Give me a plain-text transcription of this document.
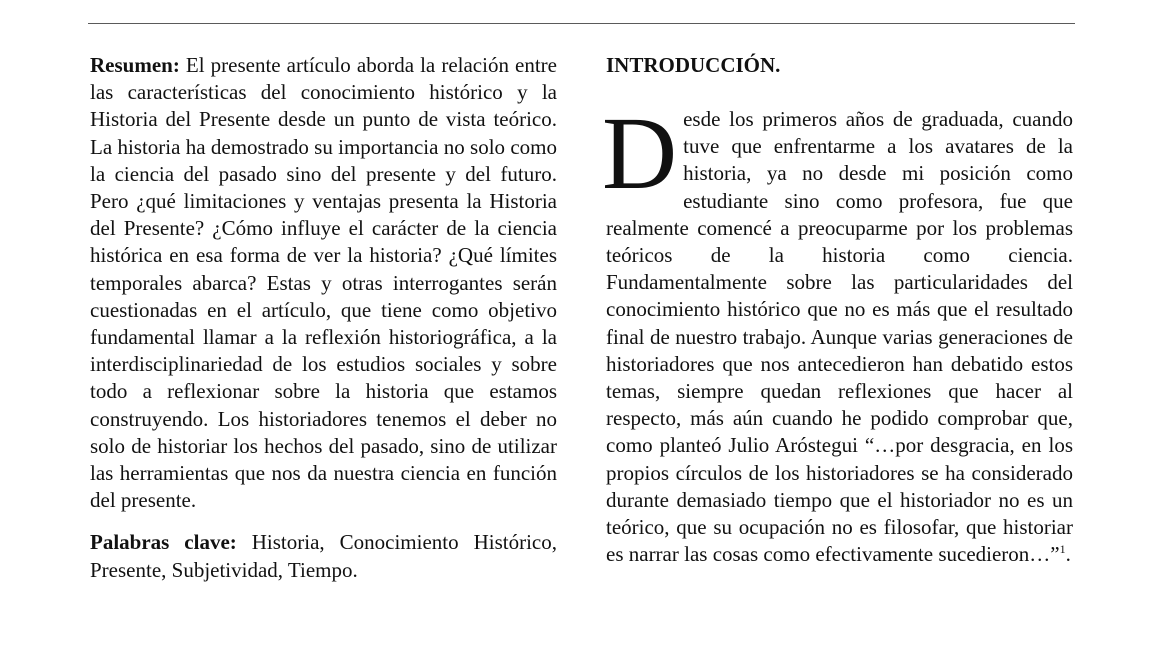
Resumen: El presente artículo aborda la relación entre las características del conocimiento histórico y la Historia del Presente desde un punto de vista teórico. La historia ha demostrado su importancia no solo como la ciencia del pasado sino del presente y del futuro. Pero ¿qué limitaciones y ventajas presenta la Historia del Presente? ¿Cómo influye el carácter de la ciencia histórica en esa forma de ver la historia? ¿Qué límites temporales abarca? Estas y otras interrogantes serán cuestionadas en el artículo, que tiene como objetivo fundamental llamar a la reflexión historiográfica, a la interdisciplinariedad de los estudios sociales y sobre todo a reflexionar sobre la historia que estamos construyendo. Los historiadores tenemos el deber no solo de historiar los hechos del pasado, sino de utilizar las herramientas que nos da nuestra ciencia en función del presente.

Palabras clave: Historia, Conocimiento Histórico, Presente, Subjetividad, Tiempo.

INTRODUCCIÓN.

D esde los primeros años de graduada, cuando tuve que enfrentarme a los avatares de la historia, ya no desde mi posición como estudiante sino como profesora, fue que realmente comencé a preocuparme por los problemas teóricos de la historia como ciencia. Fundamentalmente sobre las particularidades del conocimiento histórico que no es más que el resultado final de nuestro trabajo. Aunque varias generaciones de historiadores que nos antecedieron han debatido estos temas, siempre quedan reflexiones que hacer al respecto, más aún cuando he podido comprobar que, como planteó Julio Aróstegui “…por desgracia, en los propios círculos de los historiadores se ha considerado durante demasiado tiempo que el historiador no es un teórico, que su ocupación no es filosofar, que historiar es narrar las cosas como efectivamente sucedieron…”$^1$.
